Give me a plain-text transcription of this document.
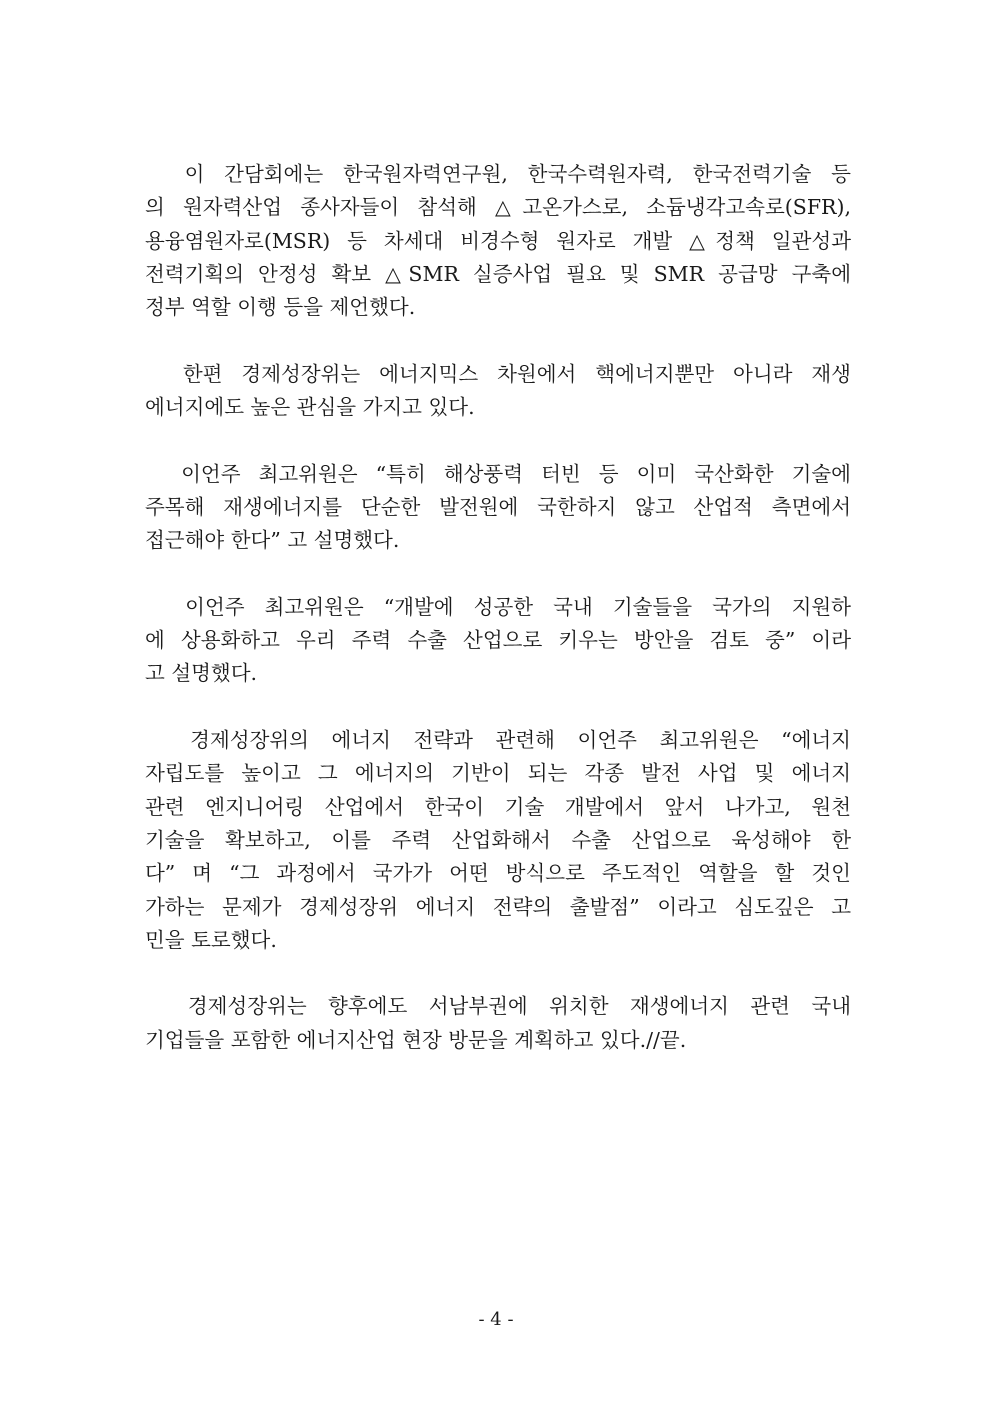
이 간담회에는 한국원자력연구원, 한국수력원자력, 한국전력기술 등
의 원자력산업 종사자들이 참석해 △고온가스로, 소듐냉각고속로(SFR),
용융염원자로(MSR) 등 차세대 비경수형 원자로 개발 △정책 일관성과
전력기획의 안정성 확보 △SMR 실증사업 필요 및 SMR 공급망 구축에
정부 역할 이행 등을 제언했다.
한편 경제성장위는 에너지믹스 차원에서 핵에너지뿐만 아니라 재생
에너지에도 높은 관심을 가지고 있다.
이언주 최고위원은 “특히 해상풍력 터빈 등 이미 국산화한 기술에
주목해 재생에너지를 단순한 발전원에 국한하지 않고 산업적 측면에서
접근해야 한다” 고 설명했다.
이언주 최고위원은 “개발에 성공한 국내 기술들을 국가의 지원하
에 상용화하고 우리 주력 수출 산업으로 키우는 방안을 검토 중” 이라
고 설명했다.
경제성장위의 에너지 전략과 관련해 이언주 최고위원은 “에너지
자립도를 높이고 그 에너지의 기반이 되는 각종 발전 사업 및 에너지
관련 엔지니어링 산업에서 한국이 기술 개발에서 앞서 나가고, 원천
기술을 확보하고, 이를 주력 산업화해서 수출 산업으로 육성해야 한
다” 며 “그 과정에서 국가가 어떤 방식으로 주도적인 역할을 할 것인
가하는 문제가 경제성장위 에너지 전략의 출발점” 이라고 심도깊은 고
민을 토로했다.
경제성장위는 향후에도 서남부권에 위치한 재생에너지 관련 국내
기업들을 포함한 에너지산업 현장 방문을 계획하고 있다.//끝.
- 4 -
